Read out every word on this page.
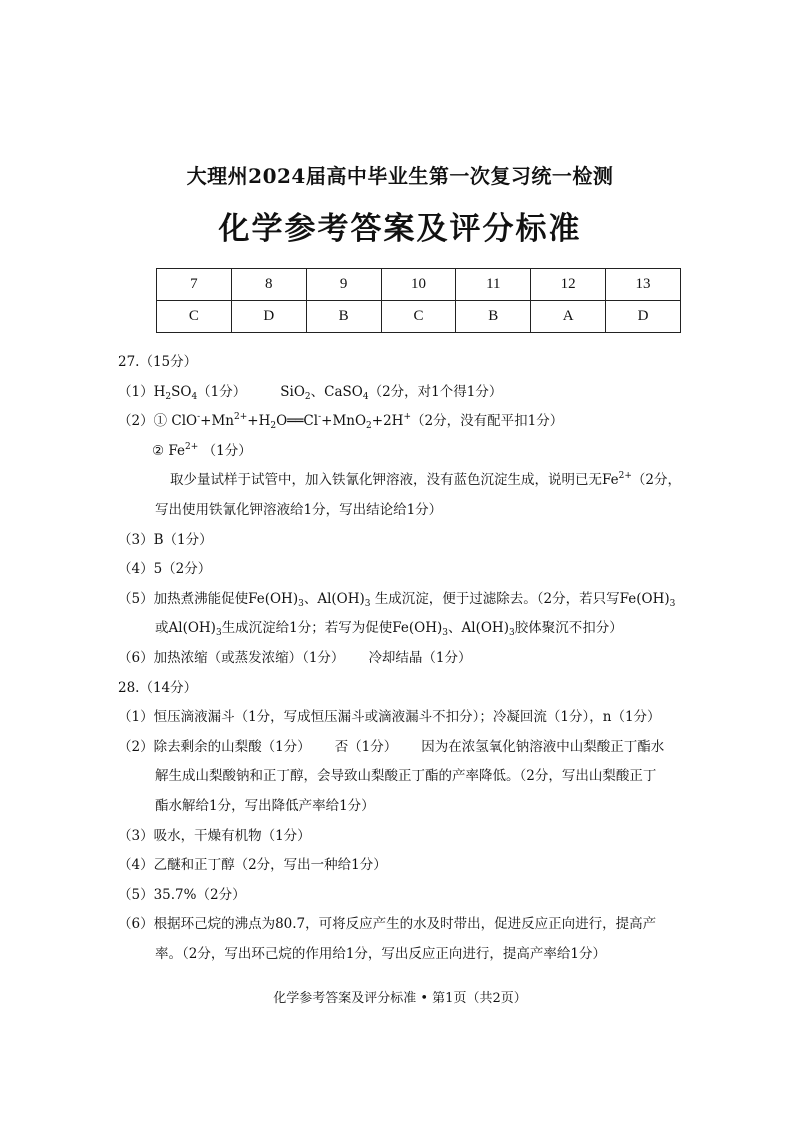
大理州2024届高中毕业生第一次复习统一检测
化学参考答案及评分标准
7	8	9	10	11	12	13
C	D	B	C	B	A	D
27.（15分）
$(1)H_2SO_4(1$分）	SiO$_2$、CaSO$_4$（2分，对1个得1分）
（2）① $ClO^-+Mn^{2+}+H_2O══Cl^-+MnO_2+2H^+(2$分，没有配平扣1分）
② $Fe^{2+}$ （1分）
取少量试样于试管中，加入铁氰化钾溶液，没有蓝色沉淀生成，说明已无$Fe^{2+}(2$分，
写出使用铁氰化钾溶液给1分，写出结论给1分）
（3）B（1分）
（4）5（2分）
（5）加热煮沸能促使$Fe(OH)_3$、$Al(OH)_3$ 生成沉淀，便于过滤除去。（2分，若只写$Fe(OH)_3$
或$Al(OH)_3$生成沉淀给1分；若写为促使$Fe(OH)_3$、$Al(OH)_3$胶体聚沉不扣分）
（6）加热浓缩（或蒸发浓缩）（1分） 冷却结晶（1分）
28.（14分）
（1）恒压滴液漏斗（1分，写成恒压漏斗或滴液漏斗不扣分）；冷凝回流（1分），n（1分）
（2）除去剩余的山梨酸（1分） 否（1分） 因为在浓氢氧化钠溶液中山梨酸正丁酯水
解生成山梨酸钠和正丁醇，会导致山梨酸正丁酯的产率降低。（2分，写出山梨酸正丁
酯水解给1分，写出降低产率给1分）
（3）吸水，干燥有机物（1分）
（4）乙醚和正丁醇（2分，写出一种给1分）
（5）35.7%（2分）
（6）根据环己烷的沸点为80.7，可将反应产生的水及时带出，促进反应正向进行，提高产
率。（2分，写出环己烷的作用给1分，写出反应正向进行，提高产率给1分）
化学参考答案及评分标准 • 第1页（共2页）
